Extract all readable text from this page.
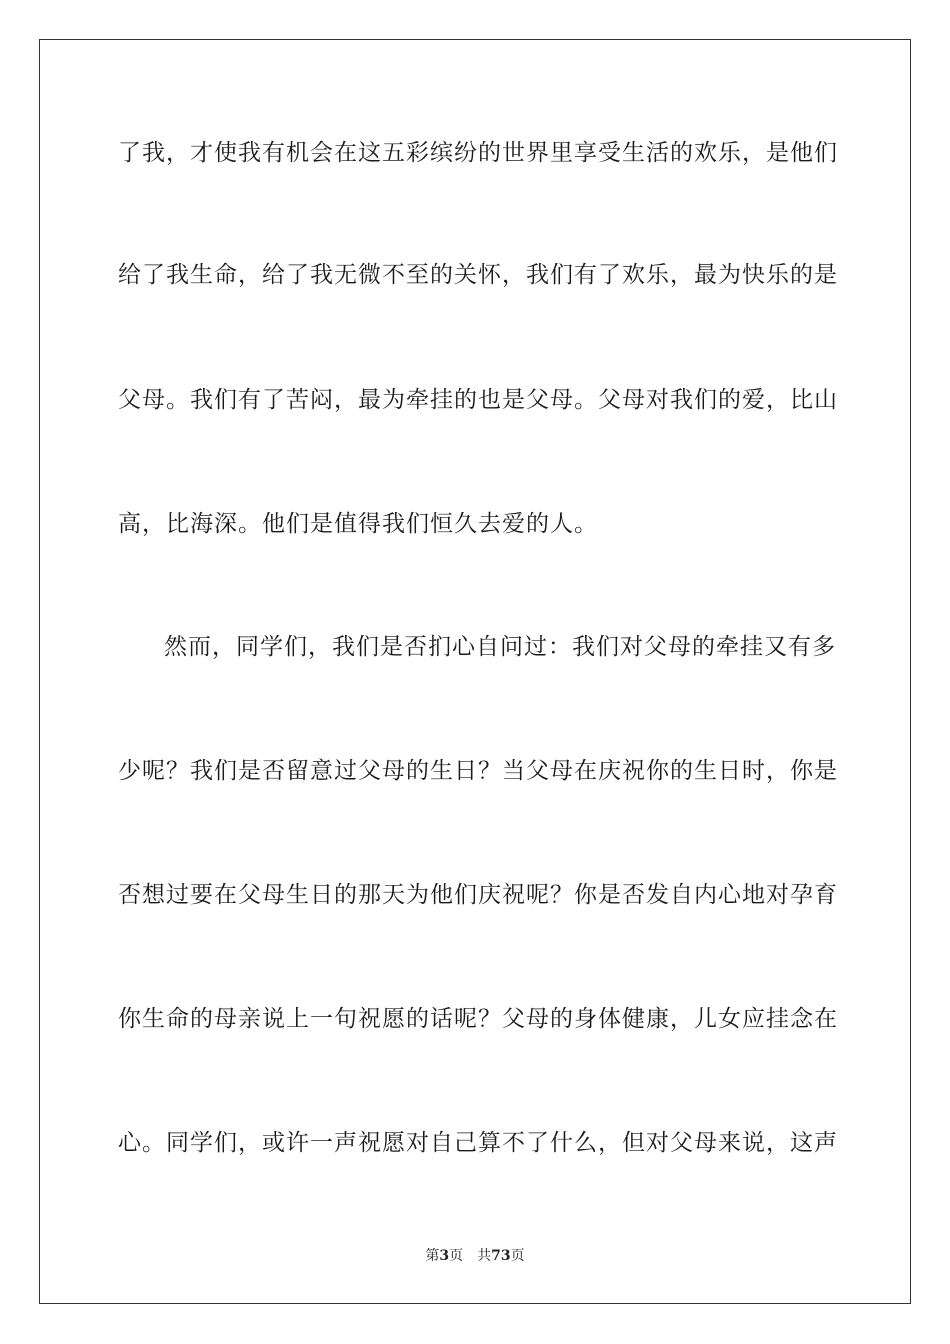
了我，才使我有机会在这五彩缤纷的世界里享受生活的欢乐，是他们
给了我生命，给了我无微不至的关怀，我们有了欢乐，最为快乐的是
父母。我们有了苦闷，最为牵挂的也是父母。父母对我们的爱，比山
高，比海深。他们是值得我们恒久去爱的人。
然而，同学们，我们是否扪心自问过：我们对父母的牵挂又有多
少呢？我们是否留意过父母的生日？当父母在庆祝你的生日时，你是
否想过要在父母生日的那天为他们庆祝呢？你是否发自内心地对孕育
你生命的母亲说上一句祝愿的话呢？父母的身体健康，儿女应挂念在
心。同学们，或许一声祝愿对自己算不了什么，但对父母来说，这声
第3页 共73页
